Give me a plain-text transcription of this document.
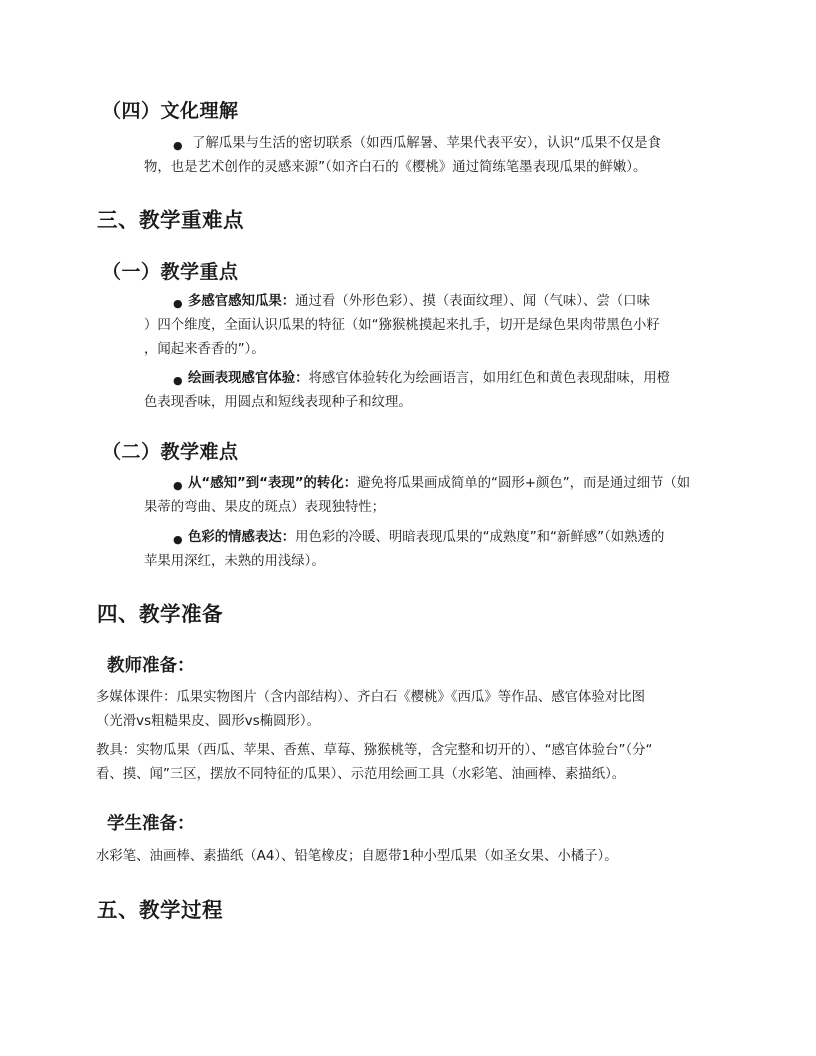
（四）文化理解

● 了解瓜果与生活的密切联系（如西瓜解暑、苹果代表平安），认识“瓜果不仅是食

物，也是艺术创作的灵感来源”（如齐白石的《樱桃》通过简练笔墨表现瓜果的鲜嫩）。

三、教学重难点

（一）教学重点

● 多感官感知瓜果：通过看（外形色彩）、摸（表面纹理）、闻（气味）、尝（口味

）四个维度，全面认识瓜果的特征（如“猕猴桃摸起来扎手，切开是绿色果肉带黑色小籽

，闻起来香香的”）。

● 绘画表现感官体验：将感官体验转化为绘画语言，如用红色和黄色表现甜味，用橙

色表现香味，用圆点和短线表现种子和纹理。

（二）教学难点

● 从“感知”到“表现”的转化：避免将瓜果画成简单的“圆形+颜色”，而是通过细节（如

果蒂的弯曲、果皮的斑点）表现独特性；

● 色彩的情感表达：用色彩的冷暖、明暗表现瓜果的“成熟度”和“新鲜感”（如熟透的

苹果用深红，未熟的用浅绿）。

四、教学准备

教师准备：

多媒体课件：瓜果实物图片（含内部结构）、齐白石《樱桃》《西瓜》等作品、感官体验对比图

（光滑vs粗糙果皮、圆形vs椭圆形）。

教具：实物瓜果（西瓜、苹果、香蕉、草莓、猕猴桃等，含完整和切开的）、“感官体验台”（分“

看、摸、闻”三区，摆放不同特征的瓜果）、示范用绘画工具（水彩笔、油画棒、素描纸）。

学生准备：

水彩笔、油画棒、素描纸（A4）、铅笔橡皮；自愿带1种小型瓜果（如圣女果、小橘子）。

五、教学过程
